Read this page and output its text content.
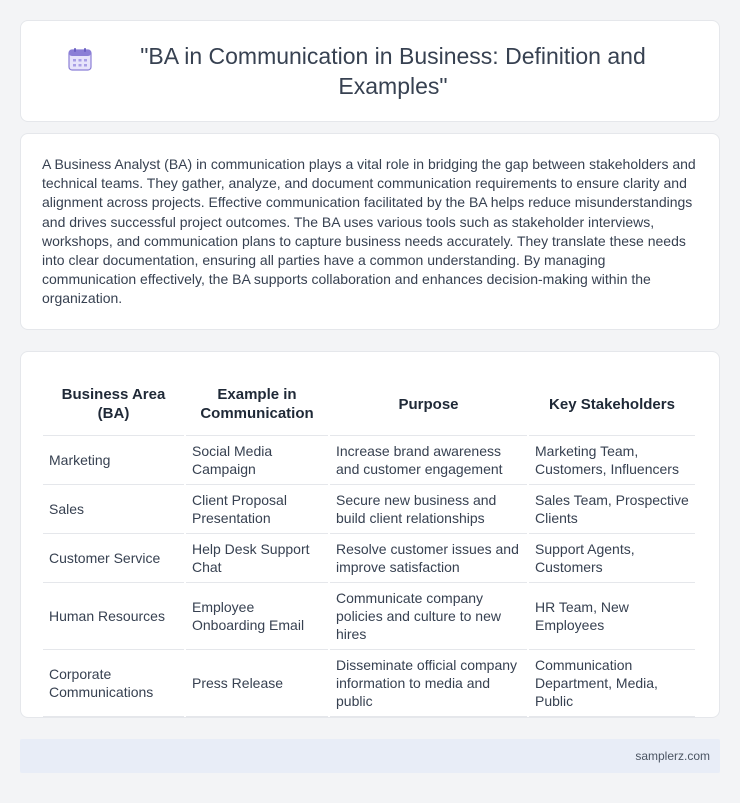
"BA in Communication in Business: Definition and Examples"

A Business Analyst (BA) in communication plays a vital role in bridging the gap between stakeholders and technical teams. They gather, analyze, and document communication requirements to ensure clarity and alignment across projects. Effective communication facilitated by the BA helps reduce misunderstandings and drives successful project outcomes. The BA uses various tools such as stakeholder interviews, workshops, and communication plans to capture business needs accurately. They translate these needs into clear documentation, ensuring all parties have a common understanding. By managing communication effectively, the BA supports collaboration and enhances decision-making within the organization.

Business Area (BA)	Example in Communication	Purpose	Key Stakeholders
Marketing	Social Media Campaign	Increase brand awareness and customer engagement	Marketing Team, Customers, Influencers
Sales	Client Proposal Presentation	Secure new business and build client relationships	Sales Team, Prospective Clients
Customer Service	Help Desk Support Chat	Resolve customer issues and improve satisfaction	Support Agents, Customers
Human Resources	Employee Onboarding Email	Communicate company policies and culture to new hires	HR Team, New Employees
Corporate Communications	Press Release	Disseminate official company information to media and public	Communication Department, Media, Public
samplerz.com
